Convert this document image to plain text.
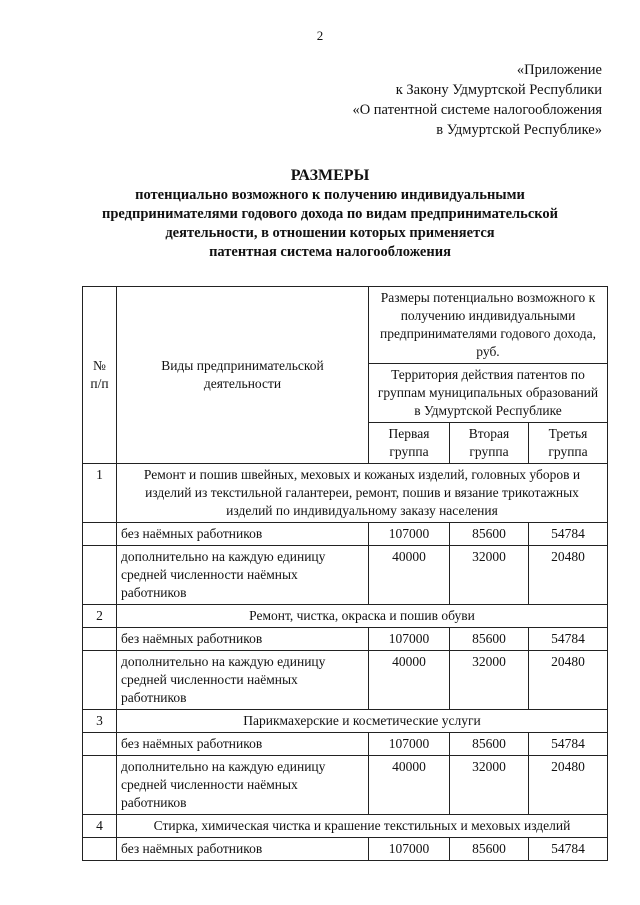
2
«Приложение
к Закону Удмуртской Республики
«О патентной системе налогообложения
в Удмуртской Республике»
РАЗМЕРЫ
потенциально возможного к получению индивидуальными
предпринимателями годового дохода по видам предпринимательской
деятельности, в отношении которых применяется
патентная система налогообложения
№ п/п	Виды предпринимательской деятельности	Размеры потенциально возможного к получению индивидуальными предпринимателями годового дохода, руб.		
		Территория действия патентов по группам муниципальных образований в Удмуртской Республике		
		Первая группа	Вторая группа	Третья группа
1	Ремонт и пошив швейных, меховых и кожаных изделий, головных уборов и изделий из текстильной галантереи, ремонт, пошив и вязание трикотажных изделий по индивидуальному заказу населения			
	без наёмных работников	107000	85600	54784
	дополнительно на каждую единицу средней численности наёмных работников	40000	32000	20480
2	Ремонт, чистка, окраска и пошив обуви			
	без наёмных работников	107000	85600	54784
	дополнительно на каждую единицу средней численности наёмных работников	40000	32000	20480
3	Парикмахерские и косметические услуги			
	без наёмных работников	107000	85600	54784
	дополнительно на каждую единицу средней численности наёмных работников	40000	32000	20480
4	Стирка, химическая чистка и крашение текстильных и меховых изделий			
	без наёмных работников	107000	85600	54784
